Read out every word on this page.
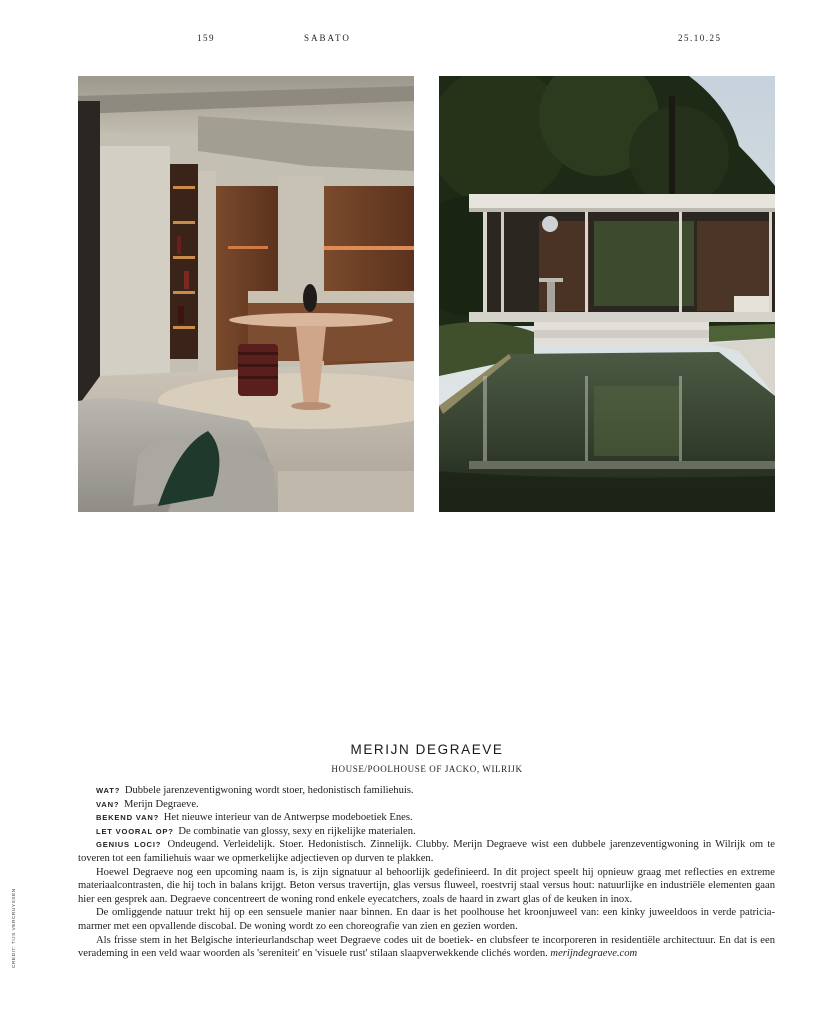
159	SABATO	25.10.25
MERIJN DEGRAEVE
HOUSE/POOLHOUSE OF JACKO, WILRIJK

WAT? Dubbele jarenzeventigwoning wordt stoer, hedonistisch familiehuis.

VAN? Merijn Degraeve.

BEKEND VAN? Het nieuwe interieur van de Antwerpse modeboetiek Enes.

LET VOORAL OP? De combinatie van glossy, sexy en rijkelijke materialen.

GENIUS LOCI? Ondeugend. Verleidelijk. Stoer. Hedonistisch. Zinnelijk. Clubby. Merijn Degraeve wist een dubbele jarenzeventigwoning in Wilrijk om te toveren tot een familiehuis waar we opmerkelijke adjectieven op durven te plakken.

Hoewel Degraeve nog een upcoming naam is, is zijn signatuur al behoorlijk gedefinieerd. In dit project speelt hij opnieuw graag met reflecties en extreme materiaalcontrasten, die hij toch in balans krijgt. Beton versus travertijn, glas versus fluweel, roestvrij staal versus hout: natuurlijke en industriële elementen gaan hier een gesprek aan. Degraeve concentreert de woning rond enkele eyecatchers, zoals de haard in zwart glas of de keuken in inox.

De omliggende natuur trekt hij op een sensuele manier naar binnen. En daar is het poolhouse het kroonjuweel van: een kinky juweeldoos in verde patricia-marmer met een opvallende discobal. De woning wordt zo een choreografie van zien en gezien worden.

Als frisse stem in het Belgische interieurlandschap weet Degraeve codes uit de boetiek- en clubsfeer te incorporeren in residentiële architectuur. En dat is een verademing in een veld waar woorden als 'sereniteit' en 'visuele rust' stilaan slaapverwekkende clichés worden. merijndegraeve.com

CREDIT: TIJS VERCRUYSSEN
